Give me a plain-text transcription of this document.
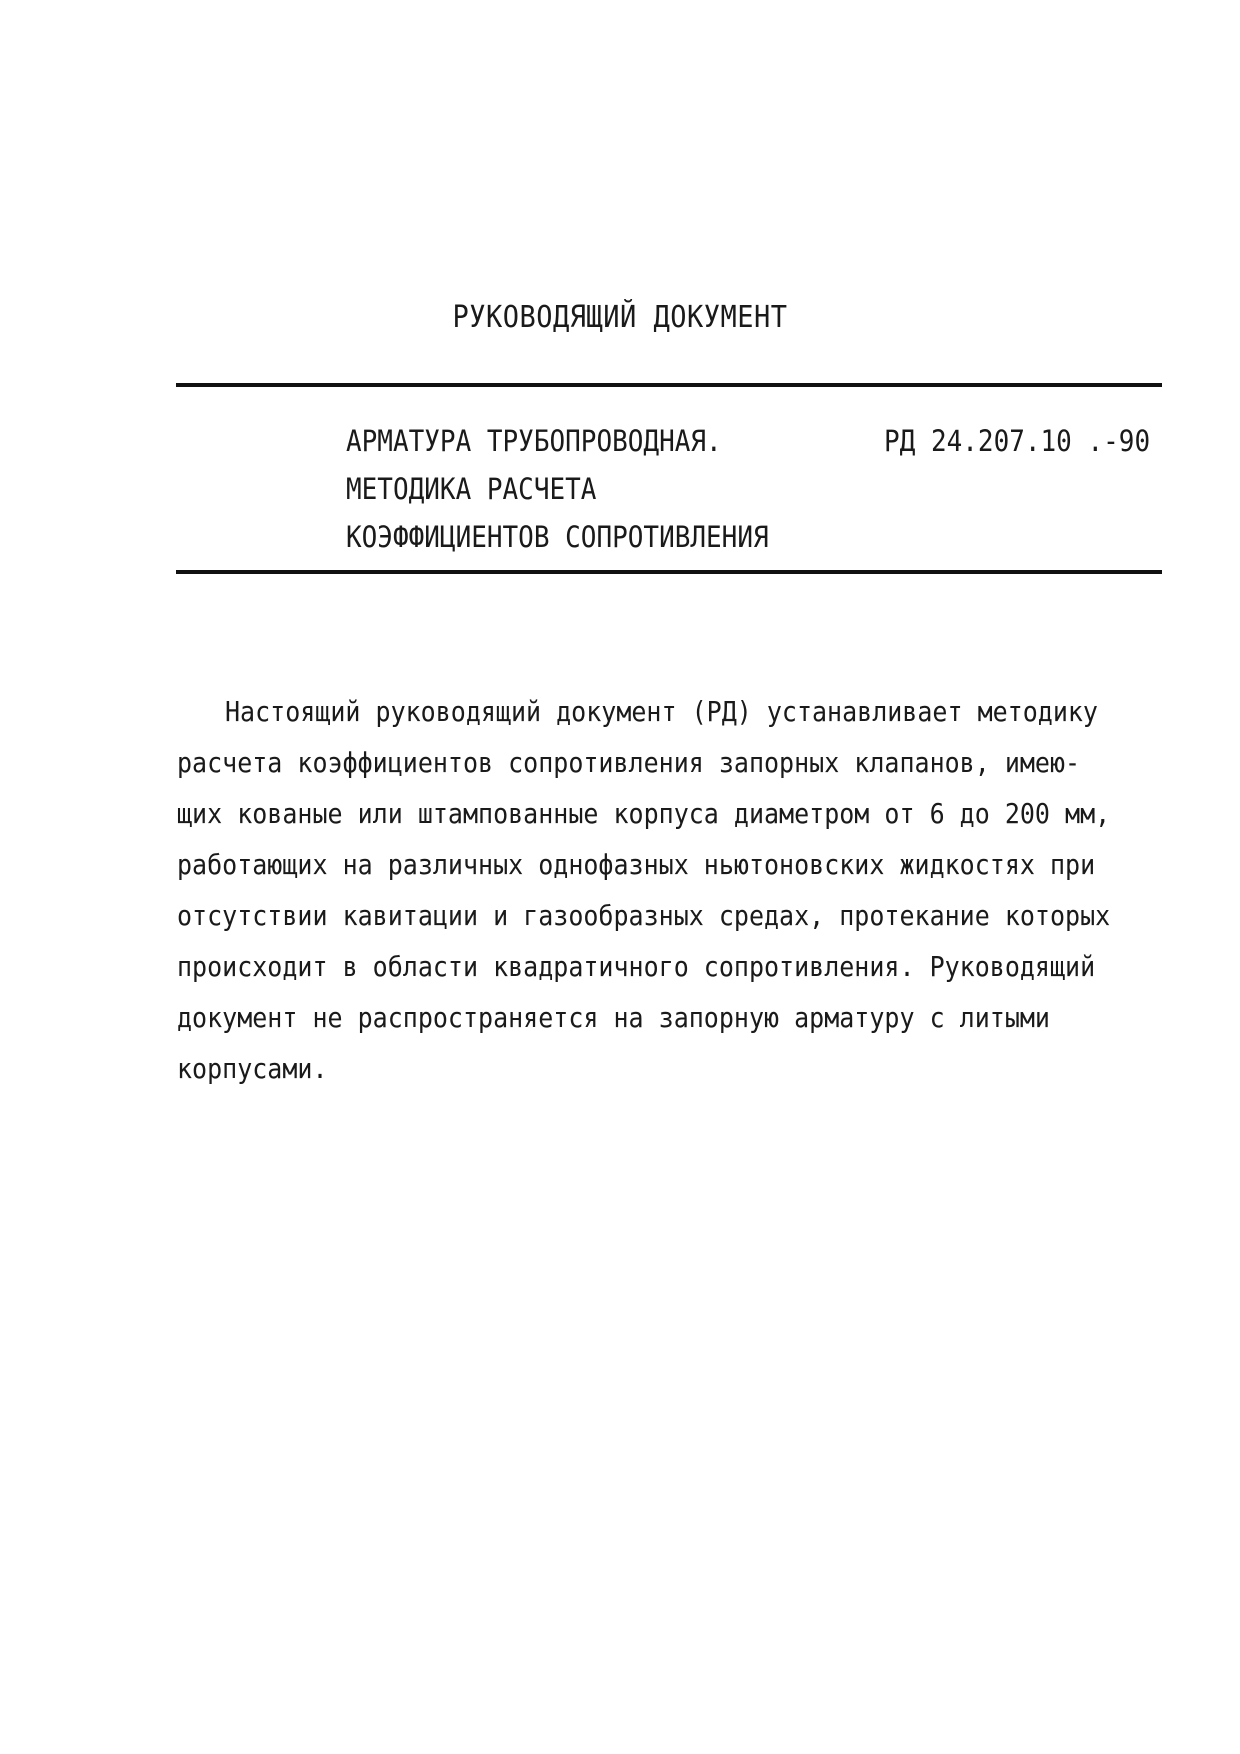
РУКОВОДЯЩИЙ ДОКУМЕНТ
АРМАТУРА ТРУБОПРОВОДНАЯ.
МЕТОДИКА РАСЧЕТА
КОЭФФИЦИЕНТОВ СОПРОТИВЛЕНИЯ
РД 24.207.10 .-90
Настоящий руководящий документ (РД) устанавливает методику
расчета коэффициентов сопротивления запорных клапанов, имею-
щих кованые или штампованные корпуса диаметром от 6 до 200 мм,
работающих на различных однофазных ньютоновских жидкостях при
отсутствии кавитации и газообразных средах, протекание которых
происходит в области квадратичного сопротивления. Руководящий
документ не распространяется на запорную арматуру с литыми
корпусами.
